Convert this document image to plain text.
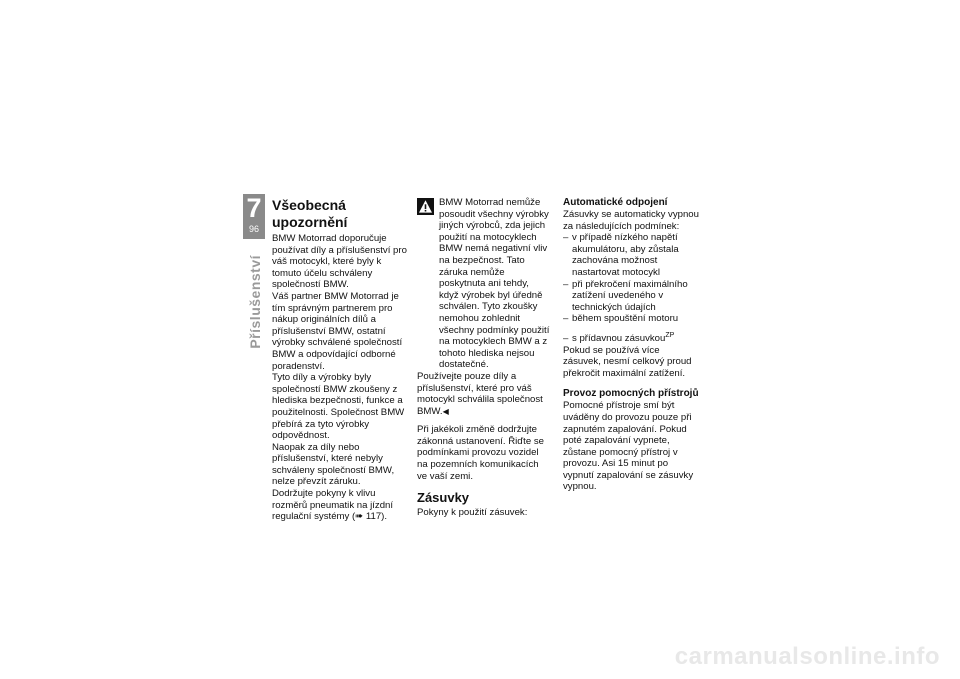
7
96
Příslušenství
Všeobecná upozornění

BMW Motorrad doporučuje používat díly a příslušenství pro váš motocykl, které byly k tomuto účelu schváleny společností BMW.

Váš partner BMW Motorrad je tím správným partnerem pro nákup originálních dílů a příslušenství BMW, ostatní výrobky schválené společností BMW a odpovídající odborné poradenství.

Tyto díly a výrobky byly společností BMW zkoušeny z hlediska bezpečnosti, funkce a použitelnosti. Společnost BMW přebírá za tyto výrobky odpovědnost.

Naopak za díly nebo příslušenství, které nebyly schváleny společností BMW, nelze převzít záruku.

Dodržujte pokyny k vlivu rozměrů pneumatik na jízdní regulační systémy (➠ 117).

BMW Motorrad nemůže posoudit všechny výrobky jiných výrobců, zda jejich použití na motocyklech BMW nemá negativní vliv na bezpečnost. Tato záruka nemůže poskytnuta ani tehdy, když výrobek byl úředně schválen. Tyto zkoušky nemohou zohlednit všechny podmínky použití na motocyklech BMW a z tohoto hlediska nejsou dostatečné.

Používejte pouze díly a příslušenství, které pro váš motocykl schválila společnost BMW.◀

Při jakékoli změně dodržujte zákonná ustanovení. Řiďte se podmínkami provozu vozidel na pozemních komunikacích ve vaší zemi.

Zásuvky

Pokyny k použití zásuvek:

Automatické odpojení

Zásuvky se automaticky vypnou za následujících podmínek:

– v případě nízkého napětí akumulátoru, aby zůstala zachována možnost nastartovat motocykl
– při překročení maximálního zatížení uvedeného v technických údajích
– během spouštění motoru
– s přídavnou zásuvkou$^{ZP}$

Pokud se používá více zásuvek, nesmí celkový proud překročit maximální zatížení.

Provoz pomocných přístrojů

Pomocné přístroje smí být uváděny do provozu pouze při zapnutém zapalování. Pokud poté zapalování vypnete, zůstane pomocný přístroj v provozu. Asi 15 minut po vypnutí zapalování se zásuvky vypnou.

carmanualsonline.info
